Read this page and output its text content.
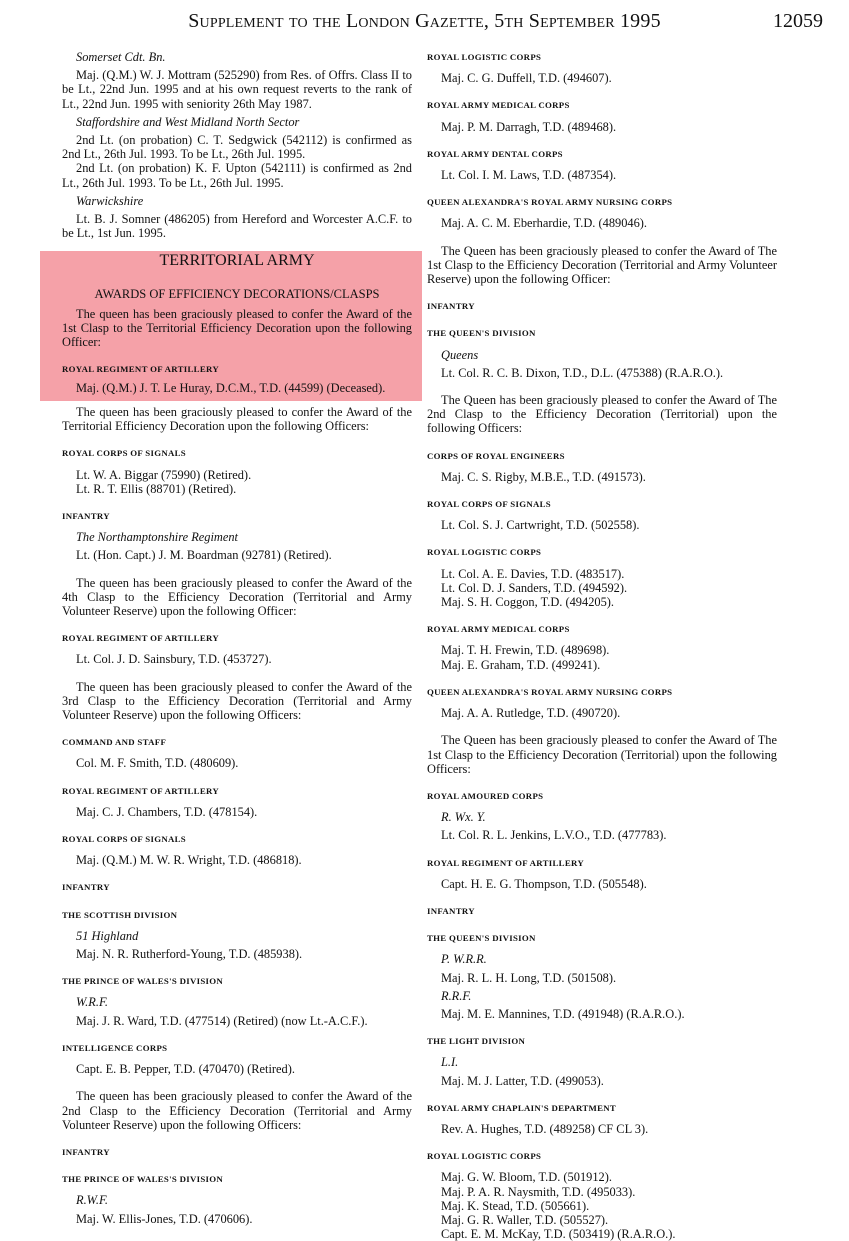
Supplement to the London Gazette, 5th September 1995	12059

Somerset Cdt. Bn.

Maj. (Q.M.) W. J. Mottram (525290) from Res. of Offrs. Class II to be Lt., 22nd Jun. 1995 and at his own request reverts to the rank of Lt., 22nd Jun. 1995 with seniority 26th May 1987.

Staffordshire and West Midland North Sector

2nd Lt. (on probation) C. T. Sedgwick (542112) is confirmed as 2nd Lt., 26th Jul. 1993. To be Lt., 26th Jul. 1995.

2nd Lt. (on probation) K. F. Upton (542111) is confirmed as 2nd Lt., 26th Jul. 1993. To be Lt., 26th Jul. 1995.

Warwickshire

Lt. B. J. Somner (486205) from Hereford and Worcester A.C.F. to be Lt., 1st Jun. 1995.

TERRITORIAL ARMY
AWARDS OF EFFICIENCY DECORATIONS/CLASPS

The queen has been graciously pleased to confer the Award of the 1st Clasp to the Territorial Efficiency Decoration upon the following Officer:

ROYAL REGIMENT OF ARTILLERY

Maj. (Q.M.) J. T. Le Huray, D.C.M., T.D. (44599) (Deceased).

The queen has been graciously pleased to confer the Award of the Territorial Efficiency Decoration upon the following Officers:

ROYAL CORPS OF SIGNALS

Lt. W. A. Biggar (75990) (Retired).

Lt. R. T. Ellis (88701) (Retired).

INFANTRY

The Northamptonshire Regiment

Lt. (Hon. Capt.) J. M. Boardman (92781) (Retired).

The queen has been graciously pleased to confer the Award of the 4th Clasp to the Efficiency Decoration (Territorial and Army Volunteer Reserve) upon the following Officer:

ROYAL REGIMENT OF ARTILLERY

Lt. Col. J. D. Sainsbury, T.D. (453727).

The queen has been graciously pleased to confer the Award of the 3rd Clasp to the Efficiency Decoration (Territorial and Army Volunteer Reserve) upon the following Officers:

COMMAND AND STAFF

Col. M. F. Smith, T.D. (480609).

ROYAL REGIMENT OF ARTILLERY

Maj. C. J. Chambers, T.D. (478154).

ROYAL CORPS OF SIGNALS

Maj. (Q.M.) M. W. R. Wright, T.D. (486818).

INFANTRY

THE SCOTTISH DIVISION

51 Highland

Maj. N. R. Rutherford-Young, T.D. (485938).

THE PRINCE OF WALES'S DIVISION

W.R.F.

Maj. J. R. Ward, T.D. (477514) (Retired) (now Lt.-A.C.F.).

INTELLIGENCE CORPS

Capt. E. B. Pepper, T.D. (470470) (Retired).

The queen has been graciously pleased to confer the Award of the 2nd Clasp to the Efficiency Decoration (Territorial and Army Volunteer Reserve) upon the following Officers:

INFANTRY

THE PRINCE OF WALES'S DIVISION

R.W.F.

Maj. W. Ellis-Jones, T.D. (470606).

ROYAL LOGISTIC CORPS

Maj. C. G. Duffell, T.D. (494607).

ROYAL ARMY MEDICAL CORPS

Maj. P. M. Darragh, T.D. (489468).

ROYAL ARMY DENTAL CORPS

Lt. Col. I. M. Laws, T.D. (487354).

QUEEN ALEXANDRA'S ROYAL ARMY NURSING CORPS

Maj. A. C. M. Eberhardie, T.D. (489046).

The Queen has been graciously pleased to confer the Award of The 1st Clasp to the Efficiency Decoration (Territorial and Army Volunteer Reserve) upon the following Officer:

INFANTRY

THE QUEEN'S DIVISION

Queens

Lt. Col. R. C. B. Dixon, T.D., D.L. (475388) (R.A.R.O.).

The Queen has been graciously pleased to confer the Award of The 2nd Clasp to the Efficiency Decoration (Territorial) upon the following Officers:

CORPS OF ROYAL ENGINEERS

Maj. C. S. Rigby, M.B.E., T.D. (491573).

ROYAL CORPS OF SIGNALS

Lt. Col. S. J. Cartwright, T.D. (502558).

ROYAL LOGISTIC CORPS

Lt. Col. A. E. Davies, T.D. (483517).

Lt. Col. D. J. Sanders, T.D. (494592).

Maj. S. H. Coggon, T.D. (494205).

ROYAL ARMY MEDICAL CORPS

Maj. T. H. Frewin, T.D. (489698).

Maj. E. Graham, T.D. (499241).

QUEEN ALEXANDRA'S ROYAL ARMY NURSING CORPS

Maj. A. A. Rutledge, T.D. (490720).

The Queen has been graciously pleased to confer the Award of The 1st Clasp to the Efficiency Decoration (Territorial) upon the following Officers:

ROYAL AMOURED CORPS

R. Wx. Y.

Lt. Col. R. L. Jenkins, L.V.O., T.D. (477783).

ROYAL REGIMENT OF ARTILLERY

Capt. H. E. G. Thompson, T.D. (505548).

INFANTRY

THE QUEEN'S DIVISION

P. W.R.R.

Maj. R. L. H. Long, T.D. (501508).

R.R.F.

Maj. M. E. Mannines, T.D. (491948) (R.A.R.O.).

THE LIGHT DIVISION

L.I.

Maj. M. J. Latter, T.D. (499053).

ROYAL ARMY CHAPLAIN'S DEPARTMENT

Rev. A. Hughes, T.D. (489258) CF CL 3).

ROYAL LOGISTIC CORPS

Maj. G. W. Bloom, T.D. (501912).

Maj. P. A. R. Naysmith, T.D. (495033).

Maj. K. Stead, T.D. (505661).

Maj. G. R. Waller, T.D. (505527).

Capt. E. M. McKay, T.D. (503419) (R.A.R.O.).
